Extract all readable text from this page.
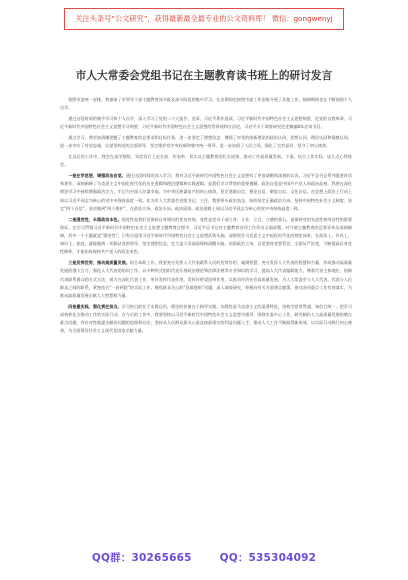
关注头条号“公文研究”，获得最新最全最专业的公文资料库！ 微信：gongwenyj
市人大常委会党组书记在主题教育读书班上的研讨发言

按照市委统一安排，我参加了市领导干部主题教育读书班及部分阶段的集中学习，在出期间也按照市委工作安排开展了其他工作，抽调期间也在不断加强个人自学。

通过这段时间的集中学习和个人自学，深入学习了党的二十大报告、党章、习近平著作选读、习近平新时代中国特色社会主义思想纲要、论党的自我革命、习近平新时代中国特色社会主义思想学习纲要、习近平新时代中国特色社会主义思想的世界观和方法论，习近平关于调查研究论述摘编8本必读书目。

通过学习，我更加清晰把握了主题教育的总要求和目标任务，进一步坚定了理想信念，增强了对党的创新理论的政治认同、思想认同、理论认同和情感认同，进一步夯实了对党忠诚、自觉坚持党的全面领导、坚定维护党中央权威和集中统一领导、进一步站稳了人民立场，强化了宗旨意识，坚守了初心使命。

在以后的工作中，我会在深学细悟、笃信笃行上走在前、作表率，切实以主题教育的扎实成效，推动工作高质量发展。下面，结合工作实际，谈几点心得体会。

一是在学思想、增强政治自觉。通过这段时间的深入学习，我对习近平新时代中国特色社会主义思想有了更加清晰和深刻的认识。习近平总书记系列重要讲话和著作，深刻阐释了马克思主义中国化时代化的历史逻辑和理论逻辑和实践逻辑，是我们学习贯彻的重要遵循。政治自觉是中国共产党人的政治品格，我要在深化理论学习中持续增强政治定力，牢记为中国人民谋幸福、为中华民族谋复兴的初心使命，坚定道路自信、理论自信、制度自信、文化自信，在思想上政治上行动上同以习近平同志为核心的党中央保持高度一致。作为市人大常委会党组书记，主任，我要带头政治表态，始终坚定正确政治方向，坚持中国特色社会主义制度，坚定“四个自信”，坚决做到“两个维护”，在政治立场、政治方向、政治原则、政治道路上同以习近平同志为核心的党中央保持高度一致。

二是强党性，永葆政治本色。强党性是我们党保持自身建设的优良传统。党性是党员干部立身、立业、立言、立德的基石，是保持党的先进性和纯洁性的重要保证。在学习贯彻习近平新时代中国特色社会主义思想主题教育过程中，习近平总书记对主题教育各项工作作出全面部署，对开展主题教育的总要求作出深刻阐释，其中一个主题就是“强党性”，只有自觉用习近平新时代中国特色社会主义思想武装头脑，深刻领会马克思主义中国化时代化的理论成果，在政治上、作风上、知识上，如此，就能做到一切服从党的领导，坚定理想信念，在大是大非面前保持清醒头脑，站稳政治立场，自觉坚持党要管党、全面从严治党，不断提高自身党性修养，才能始终保持共产党人的政治本色。

三是发挥优势，推动高质量发展。结合本职工作，我要充分发挥人大代表联系人民的优势作用，凝聚智慧，充分发挥人大代表的智慧和力量，形成推动高质量发展的强大合力。强化人大代表的培训工作，以多种形式组织代表开展政治理论和法律法规等专业知识的学习，提高人大代表履职能力，尊重代表主体地位，创新代表联系群众的方式方法，着力在深化代表工作，更好发挥代表作用，发挥好桥梁纽带作用，以推动经济社会高质量发展，为人大常委会与人大代表、代表与人民群众之间的联系，紧密结合“一府两院”的实际工作，聚焦群众关心的“急难愁盼”问题，深入调查研究，积极向有关方面建言献策，推动各项重点工作有效落实，为推动高质量发展贡献人大智慧和力量。

四是重实践，强化责任担当。学习的目的在于实践运用，理论的价值在于指导实践。实践性是马克思主义的显著特征，坚持学思用贯通、知信行统一，把学习成效转化为推动工作的实际行动。在今后的工作中，我要坚持以习近平新时代中国特色社会主义思想为指导，围绕市委中心工作，研究制约人大高质量发展的堵点难点问题，有针对性地提出解决问题的思路和办法，坚持从人民群众最关心最直接最现实的利益问题入手，推动人大工作不断取得新成效，以实际行动践行初心使命，为全面建设社会主义现代化国家贡献力量。

QQ群：30265665	QQ：535304092
